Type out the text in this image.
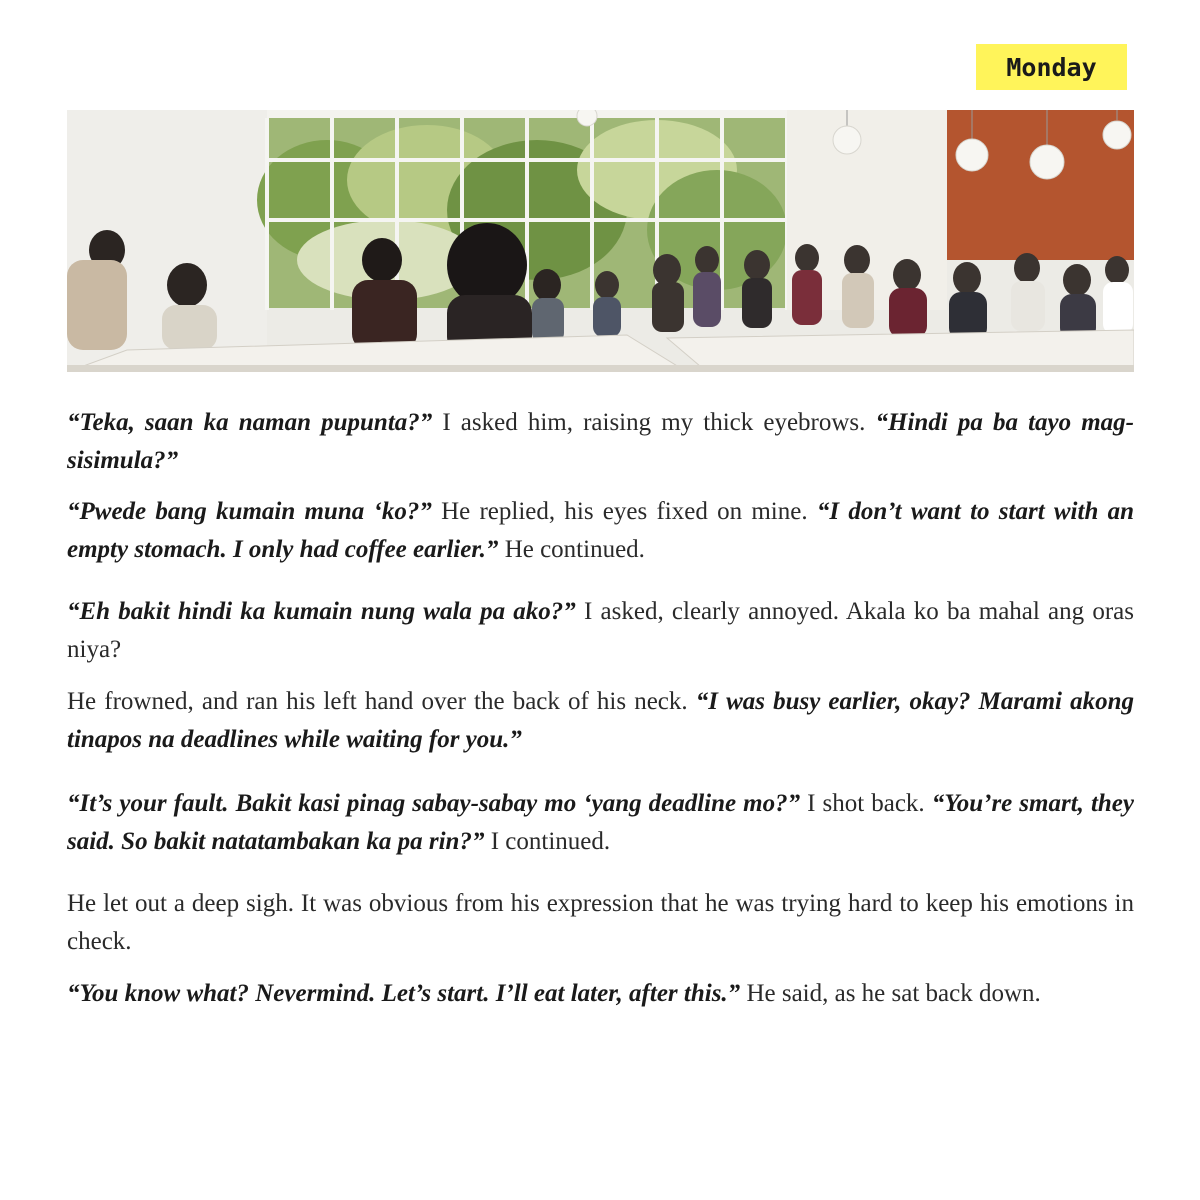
Monday

“Teka, saan ka naman pupunta?” I asked him, raising my thick eyebrows. “Hindi pa ba tayo mag-sisimula?”

“Pwede bang kumain muna ‘ko?” He replied, his eyes fixed on mine. “I don’t want to start with an empty stomach. I only had coffee earlier.” He continued.

“Eh bakit hindi ka kumain nung wala pa ako?” I asked, clearly annoyed. Akala ko ba mahal ang oras niya?

He frowned, and ran his left hand over the back of his neck. “I was busy earlier, okay? Marami akong tinapos na deadlines while waiting for you.”

“It’s your fault. Bakit kasi pinag sabay-sabay mo ‘yang deadline mo?” I shot back. “You’re smart, they said. So bakit natatambakan ka pa rin?” I continued.

He let out a deep sigh. It was obvious from his expression that he was trying hard to keep his emotions in check.

“You know what? Nevermind. Let’s start. I’ll eat later, after this.” He said, as he sat back down.
